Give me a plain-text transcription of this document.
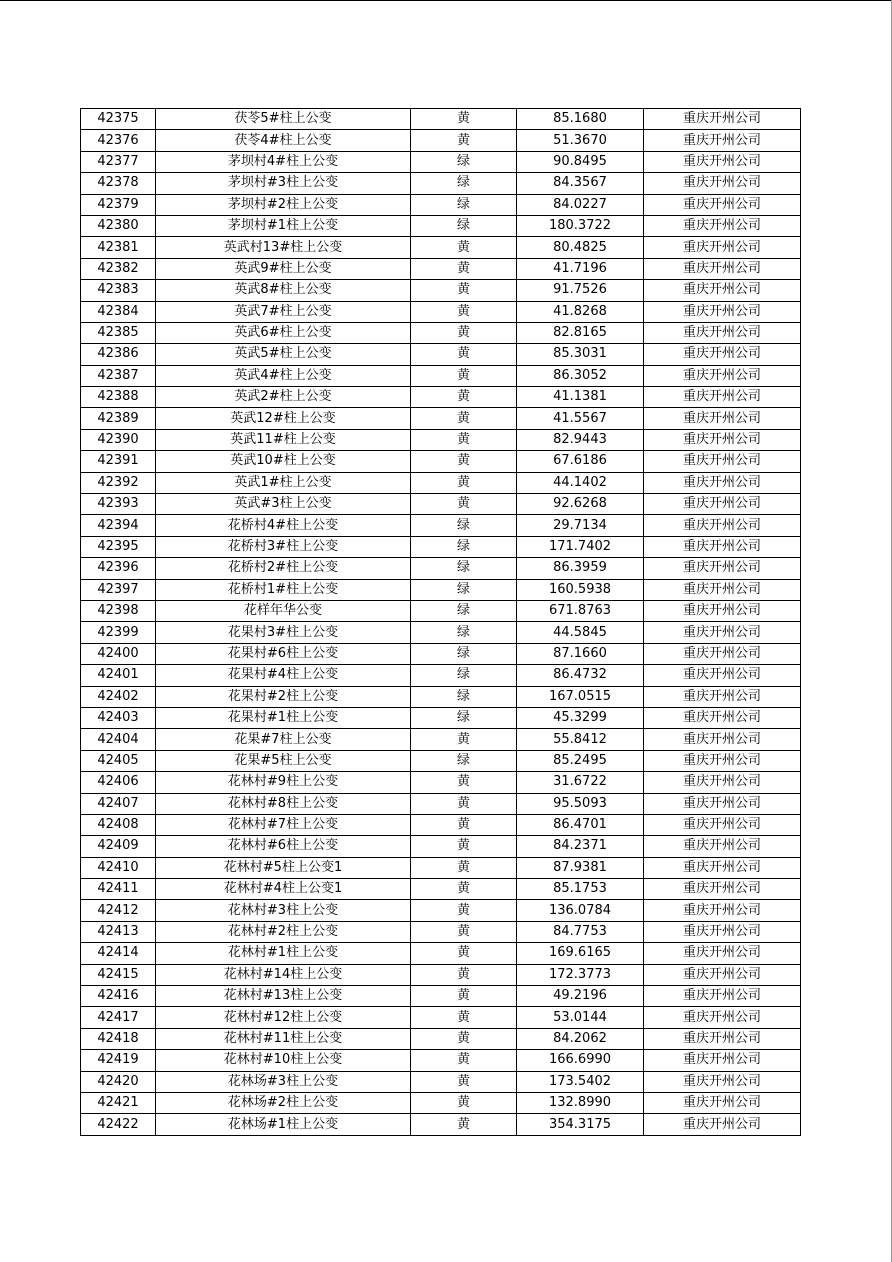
42375	茯苓5#柱上公变	黄	85.1680	重庆开州公司
42376	茯苓4#柱上公变	黄	51.3670	重庆开州公司
42377	茅坝村4#柱上公变	绿	90.8495	重庆开州公司
42378	茅坝村#3柱上公变	绿	84.3567	重庆开州公司
42379	茅坝村#2柱上公变	绿	84.0227	重庆开州公司
42380	茅坝村#1柱上公变	绿	180.3722	重庆开州公司
42381	英武村13#柱上公变	黄	80.4825	重庆开州公司
42382	英武9#柱上公变	黄	41.7196	重庆开州公司
42383	英武8#柱上公变	黄	91.7526	重庆开州公司
42384	英武7#柱上公变	黄	41.8268	重庆开州公司
42385	英武6#柱上公变	黄	82.8165	重庆开州公司
42386	英武5#柱上公变	黄	85.3031	重庆开州公司
42387	英武4#柱上公变	黄	86.3052	重庆开州公司
42388	英武2#柱上公变	黄	41.1381	重庆开州公司
42389	英武12#柱上公变	黄	41.5567	重庆开州公司
42390	英武11#柱上公变	黄	82.9443	重庆开州公司
42391	英武10#柱上公变	黄	67.6186	重庆开州公司
42392	英武1#柱上公变	黄	44.1402	重庆开州公司
42393	英武#3柱上公变	黄	92.6268	重庆开州公司
42394	花桥村4#柱上公变	绿	29.7134	重庆开州公司
42395	花桥村3#柱上公变	绿	171.7402	重庆开州公司
42396	花桥村2#柱上公变	绿	86.3959	重庆开州公司
42397	花桥村1#柱上公变	绿	160.5938	重庆开州公司
42398	花样年华公变	绿	671.8763	重庆开州公司
42399	花果村3#柱上公变	绿	44.5845	重庆开州公司
42400	花果村#6柱上公变	绿	87.1660	重庆开州公司
42401	花果村#4柱上公变	绿	86.4732	重庆开州公司
42402	花果村#2柱上公变	绿	167.0515	重庆开州公司
42403	花果村#1柱上公变	绿	45.3299	重庆开州公司
42404	花果#7柱上公变	黄	55.8412	重庆开州公司
42405	花果#5柱上公变	绿	85.2495	重庆开州公司
42406	花林村#9柱上公变	黄	31.6722	重庆开州公司
42407	花林村#8柱上公变	黄	95.5093	重庆开州公司
42408	花林村#7柱上公变	黄	86.4701	重庆开州公司
42409	花林村#6柱上公变	黄	84.2371	重庆开州公司
42410	花林村#5柱上公变1	黄	87.9381	重庆开州公司
42411	花林村#4柱上公变1	黄	85.1753	重庆开州公司
42412	花林村#3柱上公变	黄	136.0784	重庆开州公司
42413	花林村#2柱上公变	黄	84.7753	重庆开州公司
42414	花林村#1柱上公变	黄	169.6165	重庆开州公司
42415	花林村#14柱上公变	黄	172.3773	重庆开州公司
42416	花林村#13柱上公变	黄	49.2196	重庆开州公司
42417	花林村#12柱上公变	黄	53.0144	重庆开州公司
42418	花林村#11柱上公变	黄	84.2062	重庆开州公司
42419	花林村#10柱上公变	黄	166.6990	重庆开州公司
42420	花林场#3柱上公变	黄	173.5402	重庆开州公司
42421	花林场#2柱上公变	黄	132.8990	重庆开州公司
42422	花林场#1柱上公变	黄	354.3175	重庆开州公司
